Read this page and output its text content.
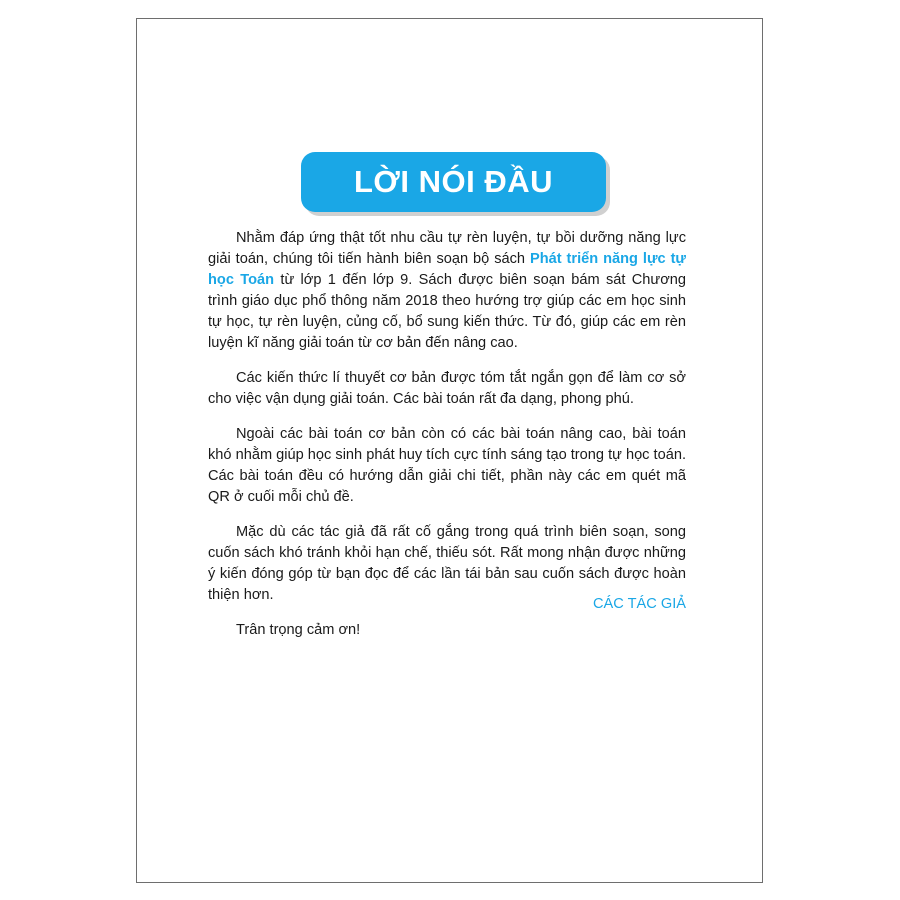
LỜI NÓI ĐẦU

Nhằm đáp ứng thật tốt nhu cầu tự rèn luyện, tự bồi dưỡng năng lực giải toán, chúng tôi tiến hành biên soạn bộ sách Phát triển năng lực tự học Toán từ lớp 1 đến lớp 9. Sách được biên soạn bám sát Chương trình giáo dục phổ thông năm 2018 theo hướng trợ giúp các em học sinh tự học, tự rèn luyện, củng cố, bổ sung kiến thức. Từ đó, giúp các em rèn luyện kĩ năng giải toán từ cơ bản đến nâng cao.

Các kiến thức lí thuyết cơ bản được tóm tắt ngắn gọn để làm cơ sở cho việc vận dụng giải toán. Các bài toán rất đa dạng, phong phú.

Ngoài các bài toán cơ bản còn có các bài toán nâng cao, bài toán khó nhằm giúp học sinh phát huy tích cực tính sáng tạo trong tự học toán. Các bài toán đều có hướng dẫn giải chi tiết, phần này các em quét mã QR ở cuối mỗi chủ đề.

Mặc dù các tác giả đã rất cố gắng trong quá trình biên soạn, song cuốn sách khó tránh khỏi hạn chế, thiếu sót. Rất mong nhận được những ý kiến đóng góp từ bạn đọc để các lần tái bản sau cuốn sách được hoàn thiện hơn.

Trân trọng cảm ơn!

CÁC TÁC GIẢ
